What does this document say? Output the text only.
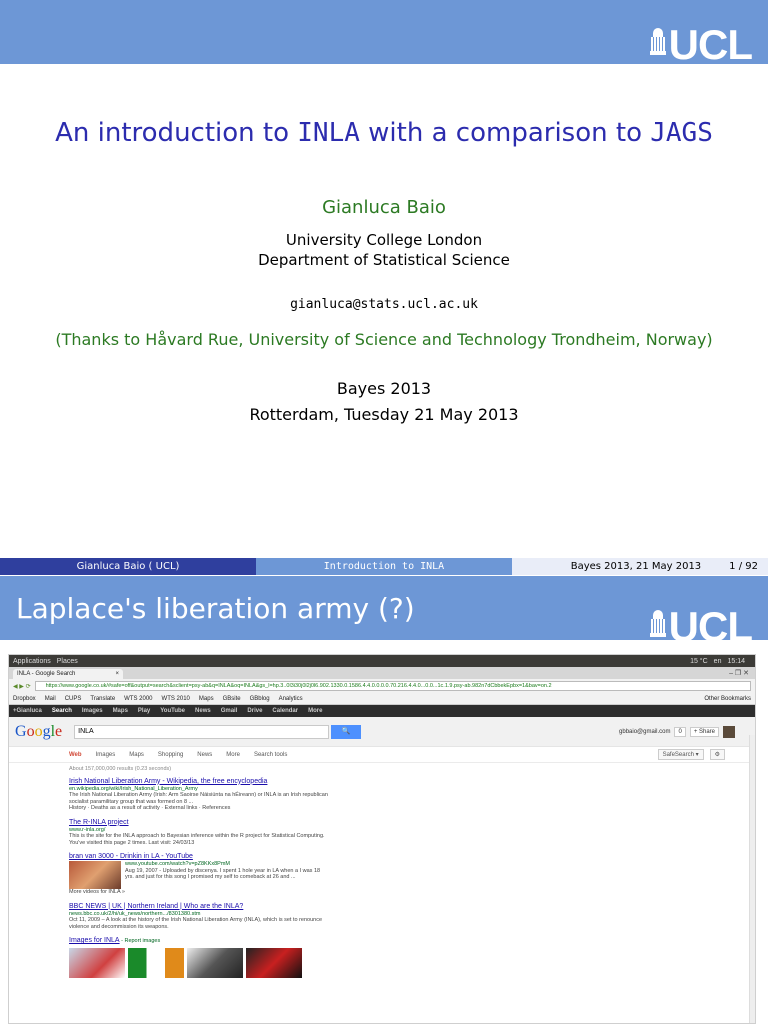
UCL
An introduction to INLA with a comparison to JAGS
Gianluca Baio
University College London
Department of Statistical Science
gianluca@stats.ucl.ac.uk
(Thanks to Håvard Rue, University of Science and Technology Trondheim, Norway)
Bayes 2013
Rotterdam, Tuesday 21 May 2013
Gianluca Baio ( UCL)	Introduction to INLA	Bayes 2013, 21 May 2013	1 / 92
Laplace's liberation army (?)	UCL
Applications Places	15 °C en 15:14
INLA - Google Search	×	– ❐ ✕
◀ ▶ ⟳	https://www.google.co.uk/#safe=off&output=search&sclient=psy-ab&q=INLA&oq=INLA&gs_l=hp.3..0l3i30j0l2j0l6.902.1330.0.1586.4.4.0.0.0.0.70.216.4.4.0...0.0...1c.1.9.psy-ab.982n7dCbbekEpbx=1&bav=on.2
Dropbox Mail CUPS Translate WTS 2000 WTS 2010 Maps GBsite GBblog Analytics	Other Bookmarks
+Gianluca Search Images Maps Play YouTube News Gmail Drive Calendar More
Google	INLA	🔍	gbbaio@gmail.com	0	+ Share
Web Images Maps Shopping News More Search tools	SafeSearch ▾	⚙
About 157,000,000 results (0.23 seconds)
Irish National Liberation Army - Wikipedia, the free encyclopedia
en.wikipedia.org/wiki/Irish_National_Liberation_Army
The Irish National Liberation Army (Irish: Arm Saoirse Náisiúnta na hÉireann) or INLA is an Irish republican socialist paramilitary group that was formed on 8 ...
History · Deaths as a result of activity · External links · References
The R-INLA project
www.r-inla.org/
This is the site for the INLA approach to Bayesian inference within the R project for Statistical Computing.
You've visited this page 2 times. Last visit: 24/03/13
bran van 3000 - Drinkin in LA - YouTube
www.youtube.com/watch?v=pZ8KKx8PmM
Aug 19, 2007 - Uploaded by discenya. I spent 1 hole year in LA when a I was 18 yrs. and just for this song I promised my self to comeback at 26 and ...
More videos for INLA »
BBC NEWS | UK | Northern Ireland | Who are the INLA?
news.bbc.co.uk/2/hi/uk_news/northern.../8301380.stm
Oct 11, 2009 – A look at the history of the Irish National Liberation Army (INLA), which is set to renounce violence and decommission its weapons.
Images for INLA - Report images
